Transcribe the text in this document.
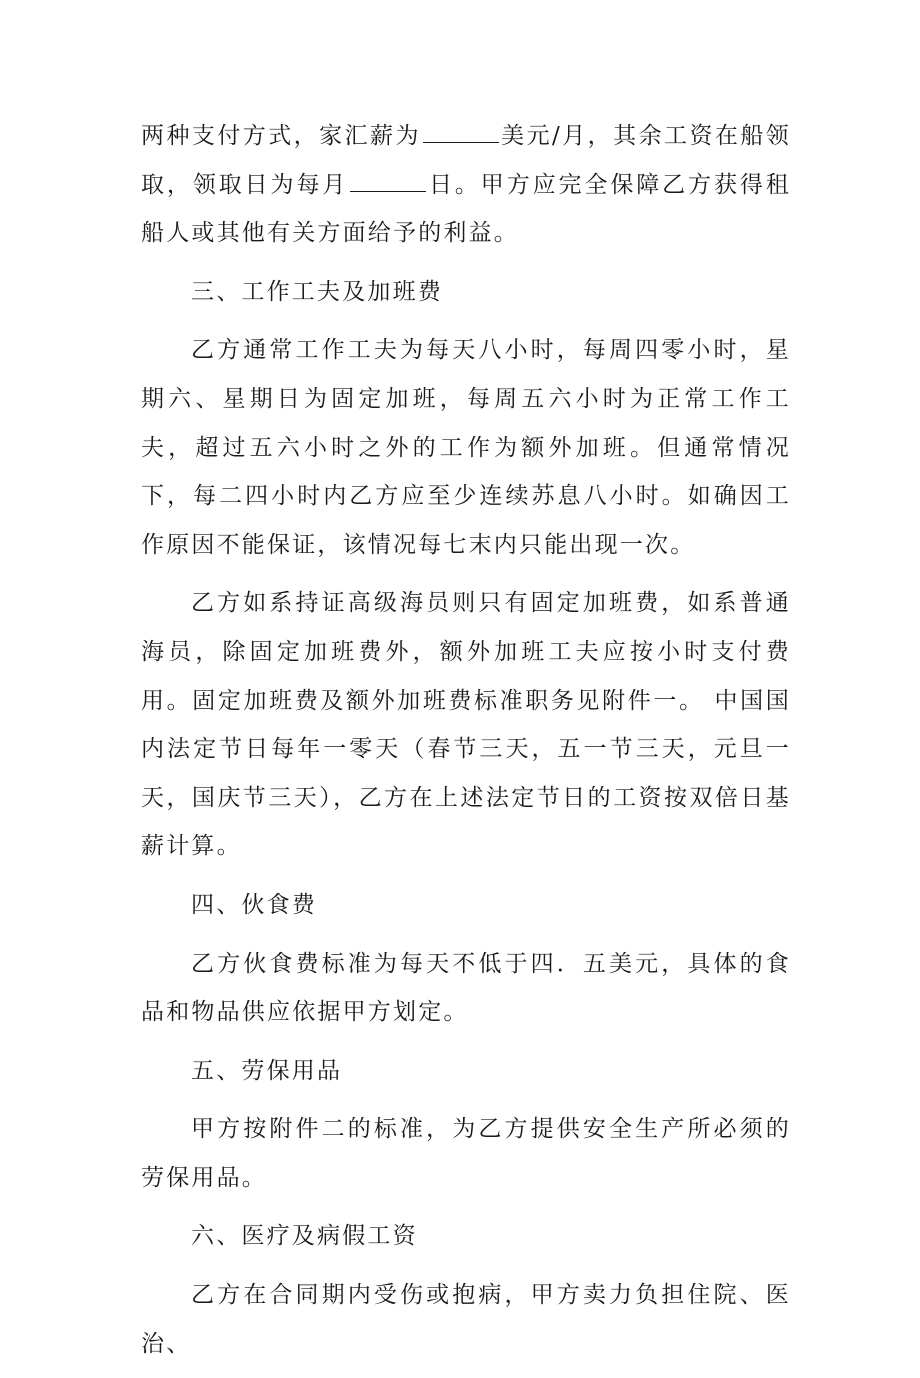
两种支付方式，家汇薪为	美元/月，其余工资在船领取，领取日为每月	日。甲方应完全保障乙方获得租船人或其他有关方面给予的利益。

三、工作工夫及加班费

乙方通常工作工夫为每天八小时，每周四零小时，星期六、星期日为固定加班，每周五六小时为正常工作工夫，超过五六小时之外的工作为额外加班。但通常情况下，每二四小时内乙方应至少连续苏息八小时。如确因工作原因不能保证，该情况每七末内只能出现一次。

乙方如系持证高级海员则只有固定加班费，如系普通海员，除固定加班费外，额外加班工夫应按小时支付费用。固定加班费及额外加班费标准职务见附件一。 中国国内法定节日每年一零天（春节三天，五一节三天，元旦一天，国庆节三天），乙方在上述法定节日的工资按双倍日基薪计算。

四、伙食费

乙方伙食费标准为每天不低于四．五美元，具体的食品和物品供应依据甲方划定。

五、劳保用品

甲方按附件二的标准，为乙方提供安全生产所必须的劳保用品。

六、医疗及病假工资

乙方在合同期内受伤或抱病，甲方卖力负担住院、医治、
